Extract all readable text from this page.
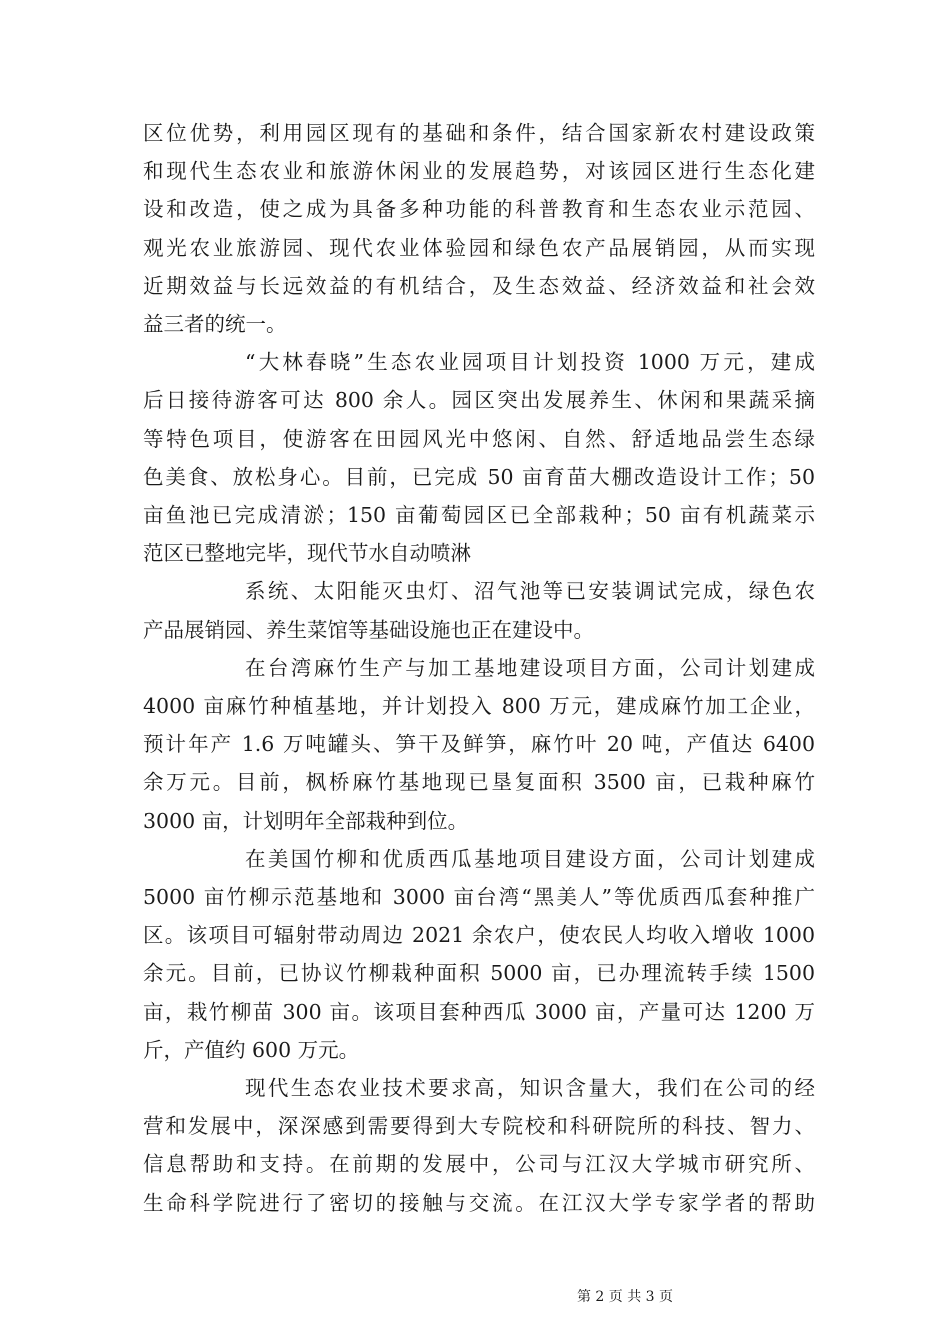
区位优势，利用园区现有的基础和条件，结合国家新农村建设政策
和现代生态农业和旅游休闲业的发展趋势，对该园区进行生态化建
设和改造，使之成为具备多种功能的科普教育和生态农业示范园、
观光农业旅游园、现代农业体验园和绿色农产品展销园，从而实现
近期效益与长远效益的有机结合，及生态效益、经济效益和社会效
益三者的统一。

“大林春晓”生态农业园项目计划投资 1000 万元，建成
后日接待游客可达 800 余人。园区突出发展养生、休闲和果蔬采摘
等特色项目，使游客在田园风光中悠闲、自然、舒适地品尝生态绿
色美食、放松身心。目前，已完成 50 亩育苗大棚改造设计工作；50
亩鱼池已完成清淤；150 亩葡萄园区已全部栽种；50 亩有机蔬菜示
范区已整地完毕，现代节水自动喷淋

系统、太阳能灭虫灯、沼气池等已安装调试完成，绿色农
产品展销园、养生菜馆等基础设施也正在建设中。

在台湾麻竹生产与加工基地建设项目方面，公司计划建成
4000 亩麻竹种植基地，并计划投入 800 万元，建成麻竹加工企业，
预计年产 1.6 万吨罐头、笋干及鲜笋，麻竹叶 20 吨，产值达 6400
余万元。目前，枫桥麻竹基地现已垦复面积 3500 亩，已栽种麻竹
3000 亩，计划明年全部栽种到位。

在美国竹柳和优质西瓜基地项目建设方面，公司计划建成
5000 亩竹柳示范基地和 3000 亩台湾“黑美人”等优质西瓜套种推广
区。该项目可辐射带动周边 2021 余农户，使农民人均收入增收 1000
余元。目前，已协议竹柳栽种面积 5000 亩，已办理流转手续 1500
亩，栽竹柳苗 300 亩。该项目套种西瓜 3000 亩，产量可达 1200 万
斤，产值约 600 万元。

现代生态农业技术要求高，知识含量大，我们在公司的经
营和发展中，深深感到需要得到大专院校和科研院所的科技、智力、
信息帮助和支持。在前期的发展中，公司与江汉大学城市研究所、
生命科学院进行了密切的接触与交流。在江汉大学专家学者的帮助

第 2 页 共 3 页
